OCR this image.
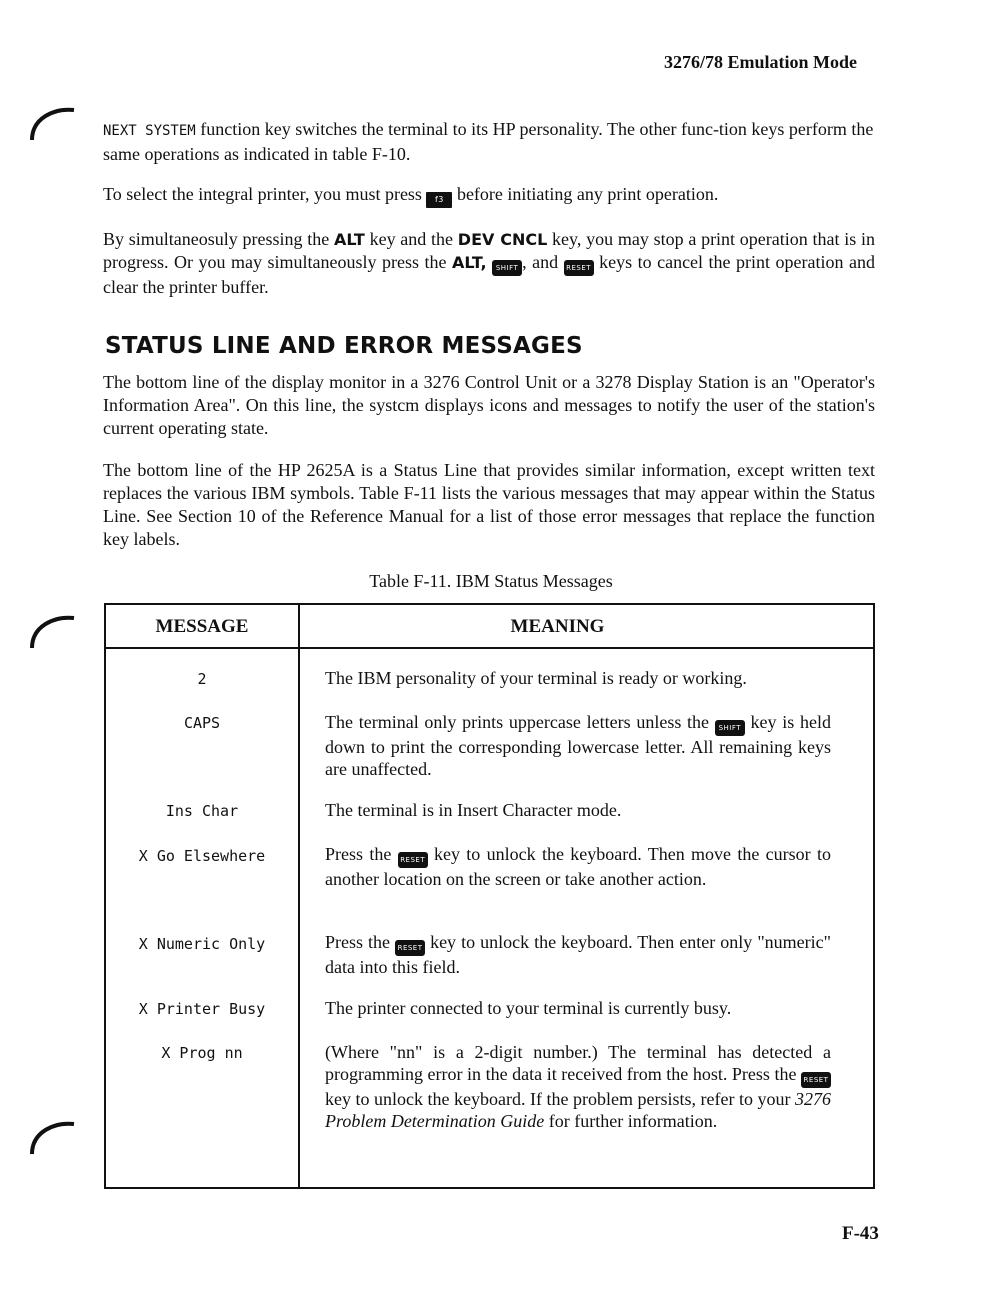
3276/78 Emulation Mode
NEXT SYSTEM function key switches the terminal to its HP personality. The other func-tion keys perform the same operations as indicated in table F-10.
To select the integral printer, you must press f3 before initiating any print operation.
By simultaneosuly pressing the ALT key and the DEV CNCL key, you may stop a print operation that is in progress. Or you may simultaneously press the ALT, SHIFT , and RESET keys to cancel the print operation and clear the printer buffer.
STATUS LINE AND ERROR MESSAGES
The bottom line of the display monitor in a 3276 Control Unit or a 3278 Display Station is an "Operator's Information Area". On this line, the systcm displays icons and messages to notify the user of the station's current operating state.
The bottom line of the HP 2625A is a Status Line that provides similar information, except written text replaces the various IBM symbols. Table F-11 lists the various messages that may appear within the Status Line. See Section 10 of the Reference Manual for a list of those error messages that replace the function key labels.
Table F-11. IBM Status Messages
MESSAGE	MEANING
2	The IBM personality of your terminal is ready or working.
CAPS	The terminal only prints uppercase letters unless the SHIFT key is held down to print the corresponding lowercase letter. All remaining keys are unaffected.
Ins Char	The terminal is in Insert Character mode.
X Go Elsewhere	Press the RESET key to unlock the keyboard. Then move the cursor to another location on the screen or take another action.
X Numeric Only	Press the RESET key to unlock the keyboard. Then enter only "numeric" data into this field.
X Printer Busy	The printer connected to your terminal is currently busy.
X Prog nn	(Where "nn" is a 2-digit number.) The terminal has detected a programming error in the data it received from the host. Press the RESET key to unlock the keyboard. If the problem persists, refer to your 3276 Problem Determination Guide for further information.
F-43
